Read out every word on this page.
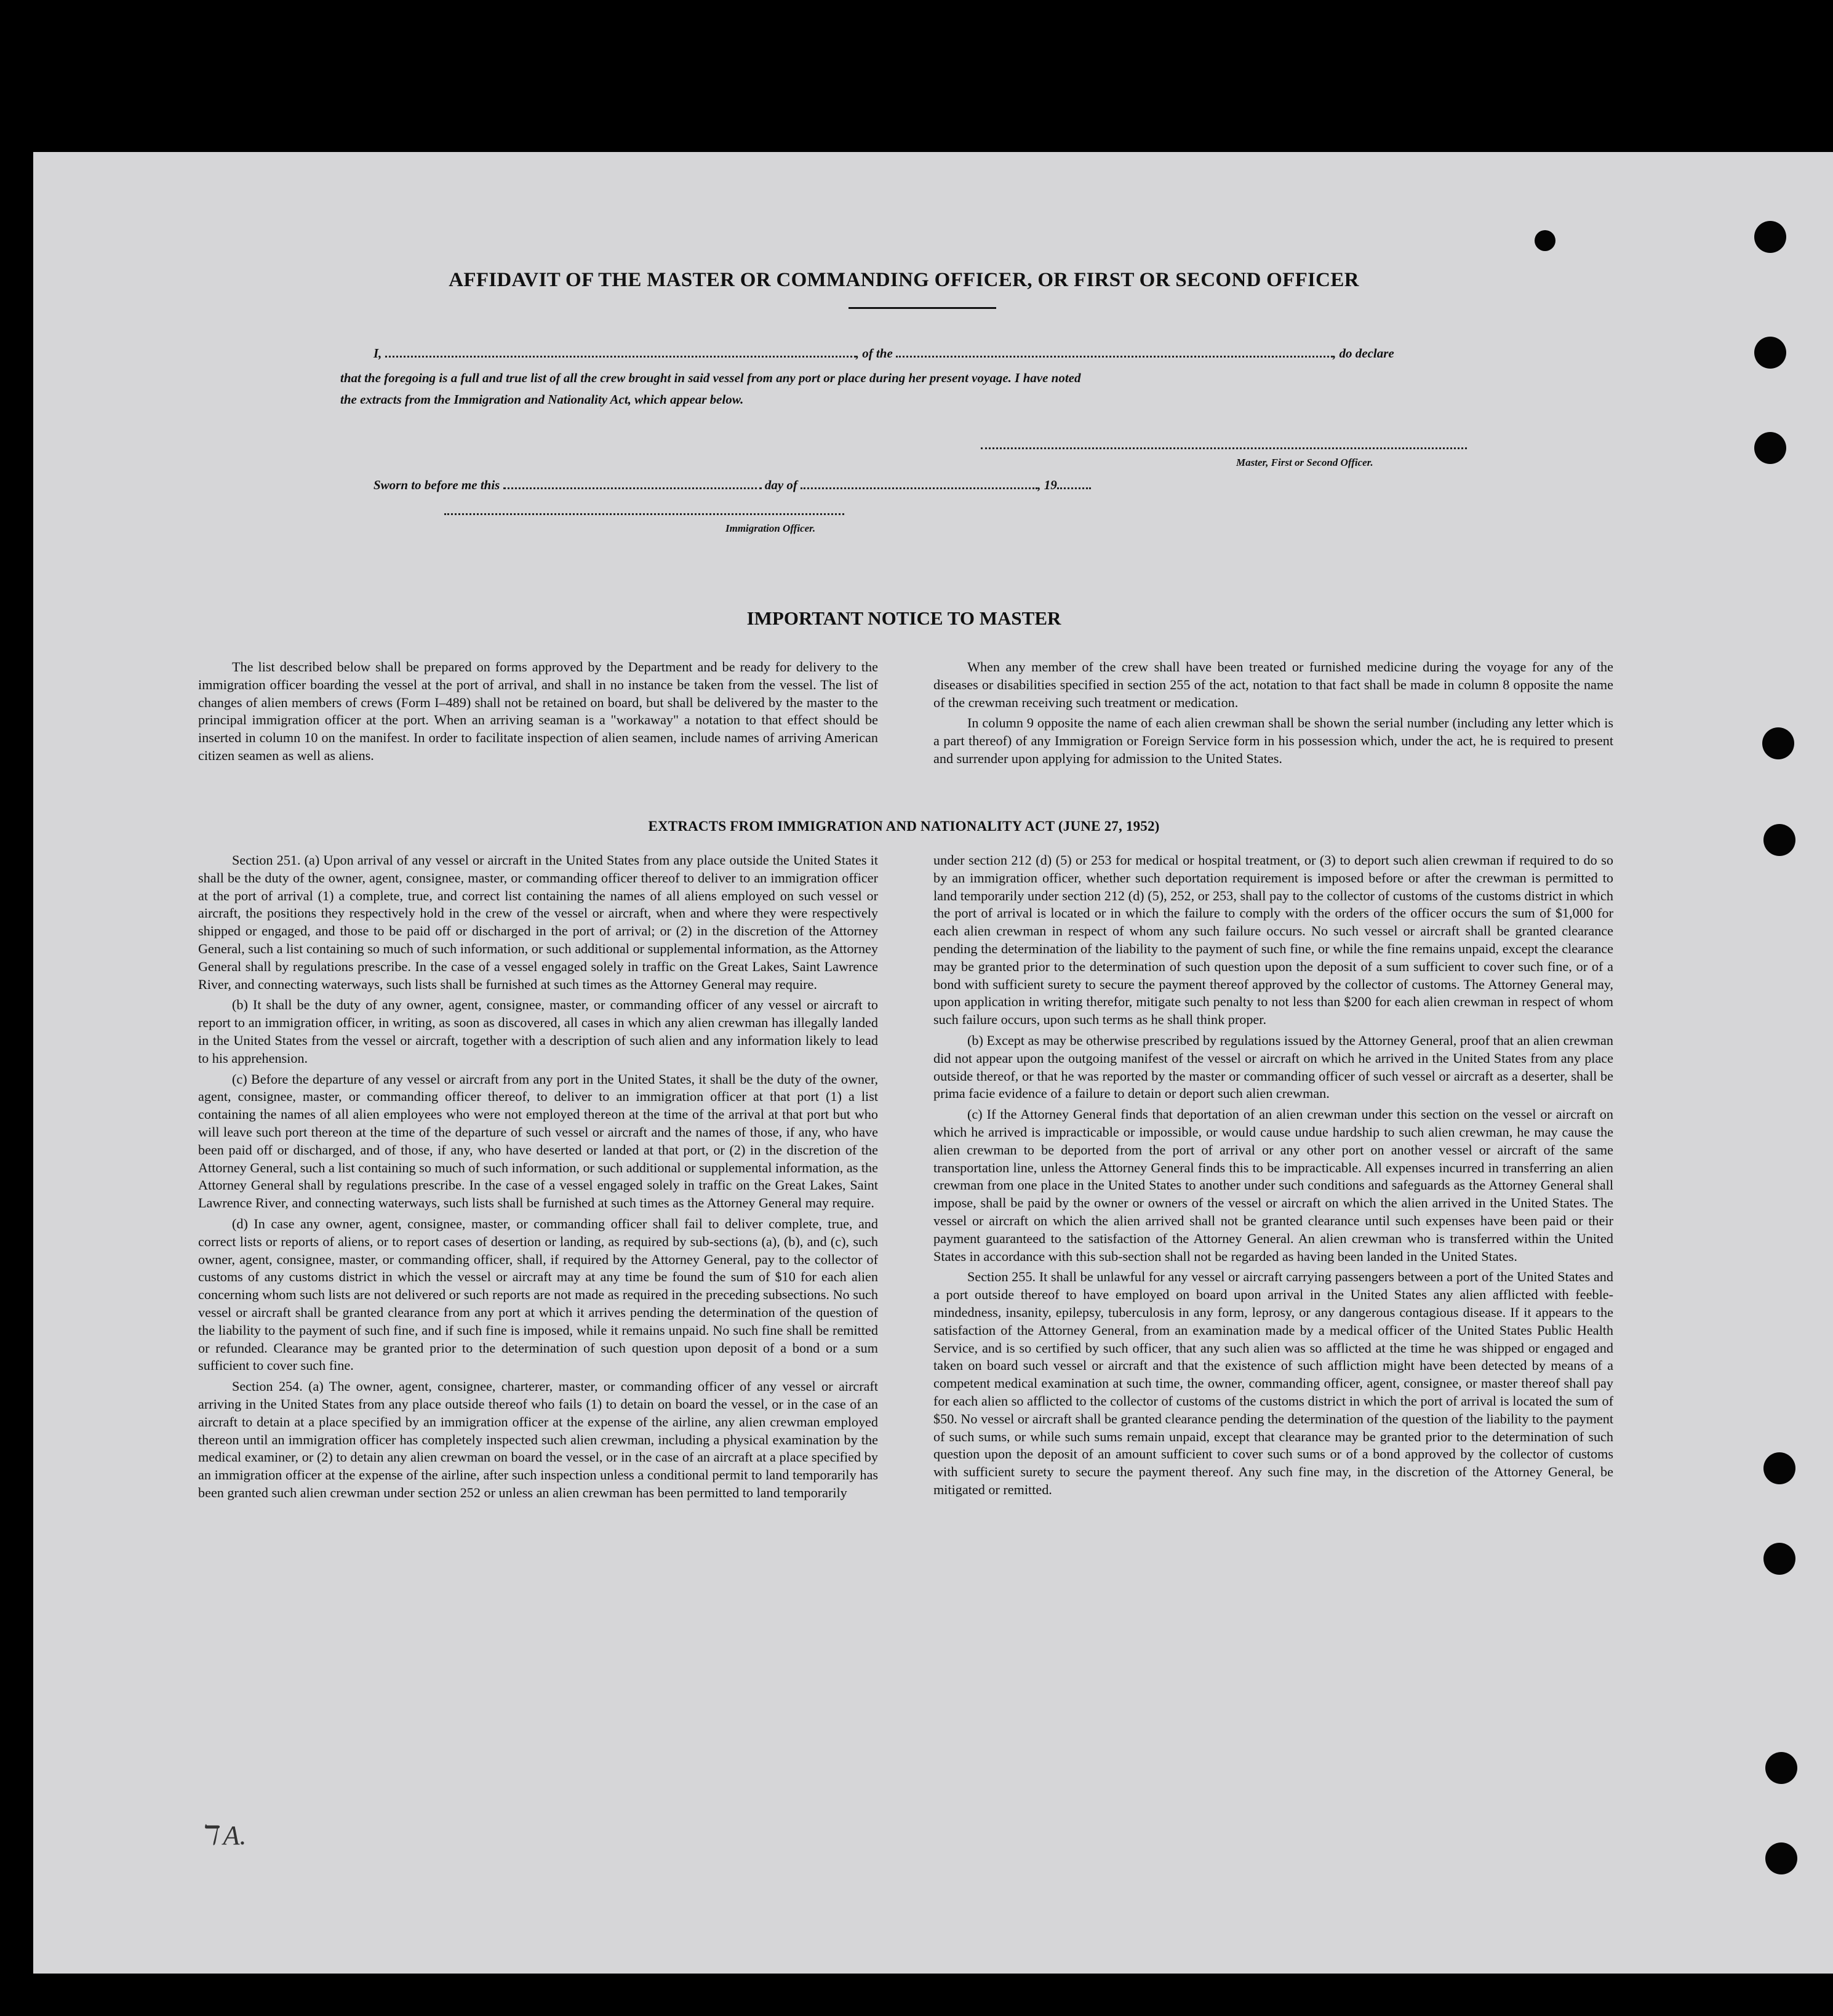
AFFIDAVIT OF THE MASTER OR COMMANDING OFFICER, OR FIRST OR SECOND OFFICER
I,	, of the	, do declare
that the foregoing is a full and true list of all the crew brought in said vessel from any port or place during her present voyage. I have noted
the extracts from the Immigration and Nationality Act, which appear below.
Master, First or Second Officer.
Sworn to before me this	day of	, 19
Immigration Officer.
IMPORTANT NOTICE TO MASTER

The list described below shall be prepared on forms approved by the Department and be ready for delivery to the immigration officer boarding the vessel at the port of arrival, and shall in no instance be taken from the vessel. The list of changes of alien members of crews (Form I–489) shall not be retained on board, but shall be delivered by the master to the principal immigration officer at the port. When an arriving seaman is a "workaway" a notation to that effect should be inserted in column 10 on the manifest. In order to facilitate inspection of alien seamen, include names of arriving American citizen seamen as well as aliens.

When any member of the crew shall have been treated or furnished medicine during the voyage for any of the diseases or disabilities specified in section 255 of the act, notation to that fact shall be made in column 8 opposite the name of the crewman receiving such treatment or medication.

In column 9 opposite the name of each alien crewman shall be shown the serial number (including any letter which is a part thereof) of any Immigration or Foreign Service form in his possession which, under the act, he is required to present and surrender upon applying for admission to the United States.

EXTRACTS FROM IMMIGRATION AND NATIONALITY ACT (JUNE 27, 1952)

Section 251. (a) Upon arrival of any vessel or aircraft in the United States from any place outside the United States it shall be the duty of the owner, agent, consignee, master, or commanding officer thereof to deliver to an immigration officer at the port of arrival (1) a complete, true, and correct list containing the names of all aliens employed on such vessel or aircraft, the positions they respectively hold in the crew of the vessel or aircraft, when and where they were respectively shipped or engaged, and those to be paid off or discharged in the port of arrival; or (2) in the discretion of the Attorney General, such a list containing so much of such information, or such additional or supplemental information, as the Attorney General shall by regulations prescribe. In the case of a vessel engaged solely in traffic on the Great Lakes, Saint Lawrence River, and connecting waterways, such lists shall be furnished at such times as the Attorney General may require.

(b) It shall be the duty of any owner, agent, consignee, master, or commanding officer of any vessel or aircraft to report to an immigration officer, in writing, as soon as discovered, all cases in which any alien crewman has illegally landed in the United States from the vessel or aircraft, together with a description of such alien and any information likely to lead to his apprehension.

(c) Before the departure of any vessel or aircraft from any port in the United States, it shall be the duty of the owner, agent, consignee, master, or commanding officer thereof, to deliver to an immigration officer at that port (1) a list containing the names of all alien employees who were not employed thereon at the time of the arrival at that port but who will leave such port thereon at the time of the departure of such vessel or aircraft and the names of those, if any, who have been paid off or discharged, and of those, if any, who have deserted or landed at that port, or (2) in the discretion of the Attorney General, such a list containing so much of such information, or such additional or supplemental information, as the Attorney General shall by regulations prescribe. In the case of a vessel engaged solely in traffic on the Great Lakes, Saint Lawrence River, and connecting waterways, such lists shall be furnished at such times as the Attorney General may require.

(d) In case any owner, agent, consignee, master, or commanding officer shall fail to deliver complete, true, and correct lists or reports of aliens, or to report cases of desertion or landing, as required by sub-sections (a), (b), and (c), such owner, agent, consignee, master, or commanding officer, shall, if required by the Attorney General, pay to the collector of customs of any customs district in which the vessel or aircraft may at any time be found the sum of $10 for each alien concerning whom such lists are not delivered or such reports are not made as required in the preceding subsections. No such vessel or aircraft shall be granted clearance from any port at which it arrives pending the determination of the question of the liability to the payment of such fine, and if such fine is imposed, while it remains unpaid. No such fine shall be remitted or refunded. Clearance may be granted prior to the determination of such question upon deposit of a bond or a sum sufficient to cover such fine.

Section 254. (a) The owner, agent, consignee, charterer, master, or commanding officer of any vessel or aircraft arriving in the United States from any place outside thereof who fails (1) to detain on board the vessel, or in the case of an aircraft to detain at a place specified by an immigration officer at the expense of the airline, any alien crewman employed thereon until an immigration officer has completely inspected such alien crewman, including a physical examination by the medical examiner, or (2) to detain any alien crewman on board the vessel, or in the case of an aircraft at a place specified by an immigration officer at the expense of the airline, after such inspection unless a conditional permit to land temporarily has been granted such alien crewman under section 252 or unless an alien crewman has been permitted to land temporarily

under section 212 (d) (5) or 253 for medical or hospital treatment, or (3) to deport such alien crewman if required to do so by an immigration officer, whether such deportation requirement is imposed before or after the crewman is permitted to land temporarily under section 212 (d) (5), 252, or 253, shall pay to the collector of customs of the customs district in which the port of arrival is located or in which the failure to comply with the orders of the officer occurs the sum of $1,000 for each alien crewman in respect of whom any such failure occurs. No such vessel or aircraft shall be granted clearance pending the determination of the liability to the payment of such fine, or while the fine remains unpaid, except the clearance may be granted prior to the determination of such question upon the deposit of a sum sufficient to cover such fine, or of a bond with sufficient surety to secure the payment thereof approved by the collector of customs. The Attorney General may, upon application in writing therefor, mitigate such penalty to not less than $200 for each alien crewman in respect of whom such failure occurs, upon such terms as he shall think proper.

(b) Except as may be otherwise prescribed by regulations issued by the Attorney General, proof that an alien crewman did not appear upon the outgoing manifest of the vessel or aircraft on which he arrived in the United States from any place outside thereof, or that he was reported by the master or commanding officer of such vessel or aircraft as a deserter, shall be prima facie evidence of a failure to detain or deport such alien crewman.

(c) If the Attorney General finds that deportation of an alien crewman under this section on the vessel or aircraft on which he arrived is impracticable or impossible, or would cause undue hardship to such alien crewman, he may cause the alien crewman to be deported from the port of arrival or any other port on another vessel or aircraft of the same transportation line, unless the Attorney General finds this to be impracticable. All expenses incurred in transferring an alien crewman from one place in the United States to another under such conditions and safeguards as the Attorney General shall impose, shall be paid by the owner or owners of the vessel or aircraft on which the alien arrived in the United States. The vessel or aircraft on which the alien arrived shall not be granted clearance until such expenses have been paid or their payment guaranteed to the satisfaction of the Attorney General. An alien crewman who is transferred within the United States in accordance with this sub-section shall not be regarded as having been landed in the United States.

Section 255. It shall be unlawful for any vessel or aircraft carrying passengers between a port of the United States and a port outside thereof to have employed on board upon arrival in the United States any alien afflicted with feeble-mindedness, insanity, epilepsy, tuberculosis in any form, leprosy, or any dangerous contagious disease. If it appears to the satisfaction of the Attorney General, from an examination made by a medical officer of the United States Public Health Service, and is so certified by such officer, that any such alien was so afflicted at the time he was shipped or engaged and taken on board such vessel or aircraft and that the existence of such affliction might have been detected by means of a competent medical examination at such time, the owner, commanding officer, agent, consignee, or master thereof shall pay for each alien so afflicted to the collector of customs of the customs district in which the port of arrival is located the sum of $50. No vessel or aircraft shall be granted clearance pending the determination of the question of the liability to the payment of such sums, or while such sums remain unpaid, except that clearance may be granted prior to the determination of such question upon the deposit of an amount sufficient to cover such sums or of a bond approved by the collector of customs with sufficient surety to secure the payment thereof. Any such fine may, in the discretion of the Attorney General, be mitigated or remitted.

ℸ A.
